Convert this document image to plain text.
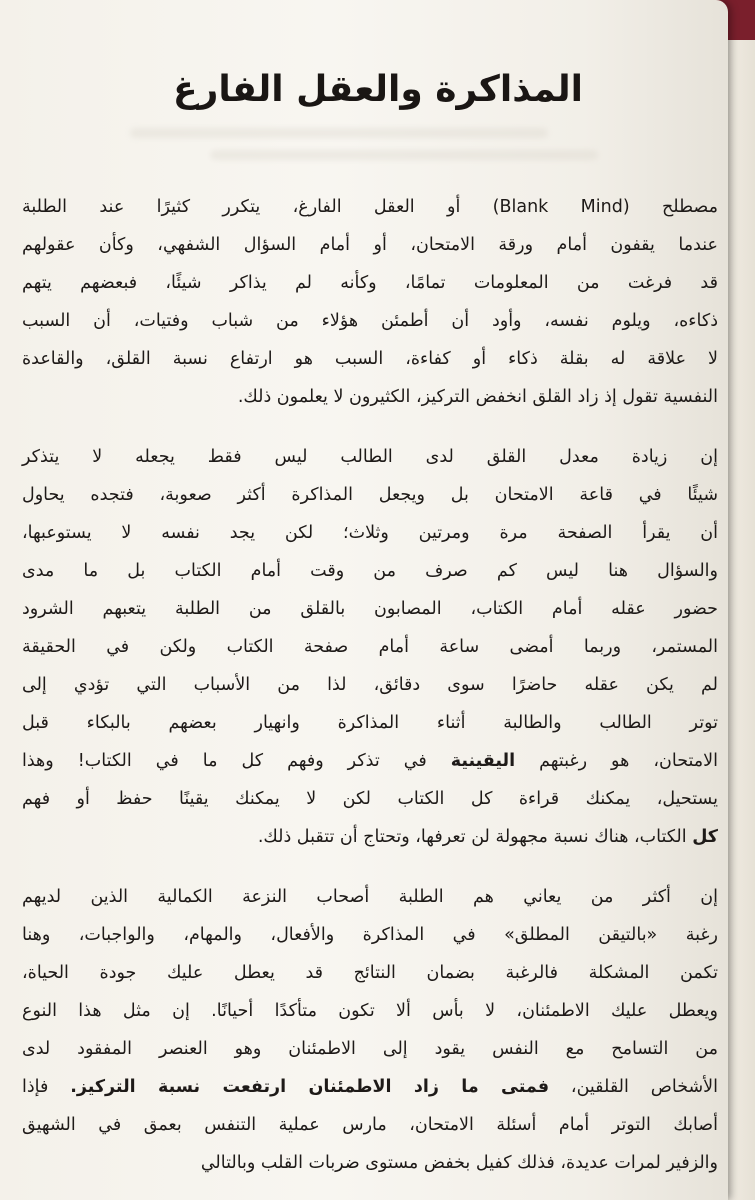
المذاكرة والعقل الفارغ
مصطلح (Blank Mind) أو العقل الفارغ، يتكرر كثيرًا عند الطلبة
عندما يقفون أمام ورقة الامتحان، أو أمام السؤال الشفهي، وكأن عقولهم
قد فرغت من المعلومات تمامًا، وكأنه لم يذاكر شيئًا، فبعضهم يتهم
ذكاءه، ويلوم نفسه، وأود أن أطمئن هؤلاء من شباب وفتيات، أن السبب
لا علاقة له بقلة ذكاء أو كفاءة، السبب هو ارتفاع نسبة القلق، والقاعدة
النفسية تقول إذ زاد القلق انخفض التركيز، الكثيرون لا يعلمون ذلك.
إن زيادة معدل القلق لدى الطالب ليس فقط يجعله لا يتذكر
شيئًا في قاعة الامتحان بل ويجعل المذاكرة أكثر صعوبة، فتجده يحاول
أن يقرأ الصفحة مرة ومرتين وثلاث؛ لكن يجد نفسه لا يستوعبها،
والسؤال هنا ليس كم صرف من وقت أمام الكتاب بل ما مدى
حضور عقله أمام الكتاب، المصابون بالقلق من الطلبة يتعبهم الشرود
المستمر، وربما أمضى ساعة أمام صفحة الكتاب ولكن في الحقيقة
لم يكن عقله حاضرًا سوى دقائق، لذا من الأسباب التي تؤدي إلى
توتر الطالب والطالبة أثناء المذاكرة وانهيار بعضهم بالبكاء قبل
الامتحان، هو رغبتهم اليقينية في تذكر وفهم كل ما في الكتاب! وهذا
يستحيل، يمكنك قراءة كل الكتاب لكن لا يمكنك يقينًا حفظ أو فهم
كل الكتاب، هناك نسبة مجهولة لن تعرفها، وتحتاج أن تتقبل ذلك.
إن أكثر من يعاني هم الطلبة أصحاب النزعة الكمالية الذين لديهم
رغبة «بالتيقن المطلق» في المذاكرة والأفعال، والمهام، والواجبات، وهنا
تكمن المشكلة فالرغبة بضمان النتائج قد يعطل عليك جودة الحياة،
ويعطل عليك الاطمئنان، لا بأس ألا تكون متأكدًا أحيانًا. إن مثل هذا النوع
من التسامح مع النفس يقود إلى الاطمئنان وهو العنصر المفقود لدى
الأشخاص القلقين، فمتى ما زاد الاطمئنان ارتفعت نسبة التركيز. فإذا
أصابك التوتر أمام أسئلة الامتحان، مارس عملية التنفس بعمق في الشهيق
والزفير لمرات عديدة، فذلك كفيل بخفض مستوى ضربات القلب وبالتالي
